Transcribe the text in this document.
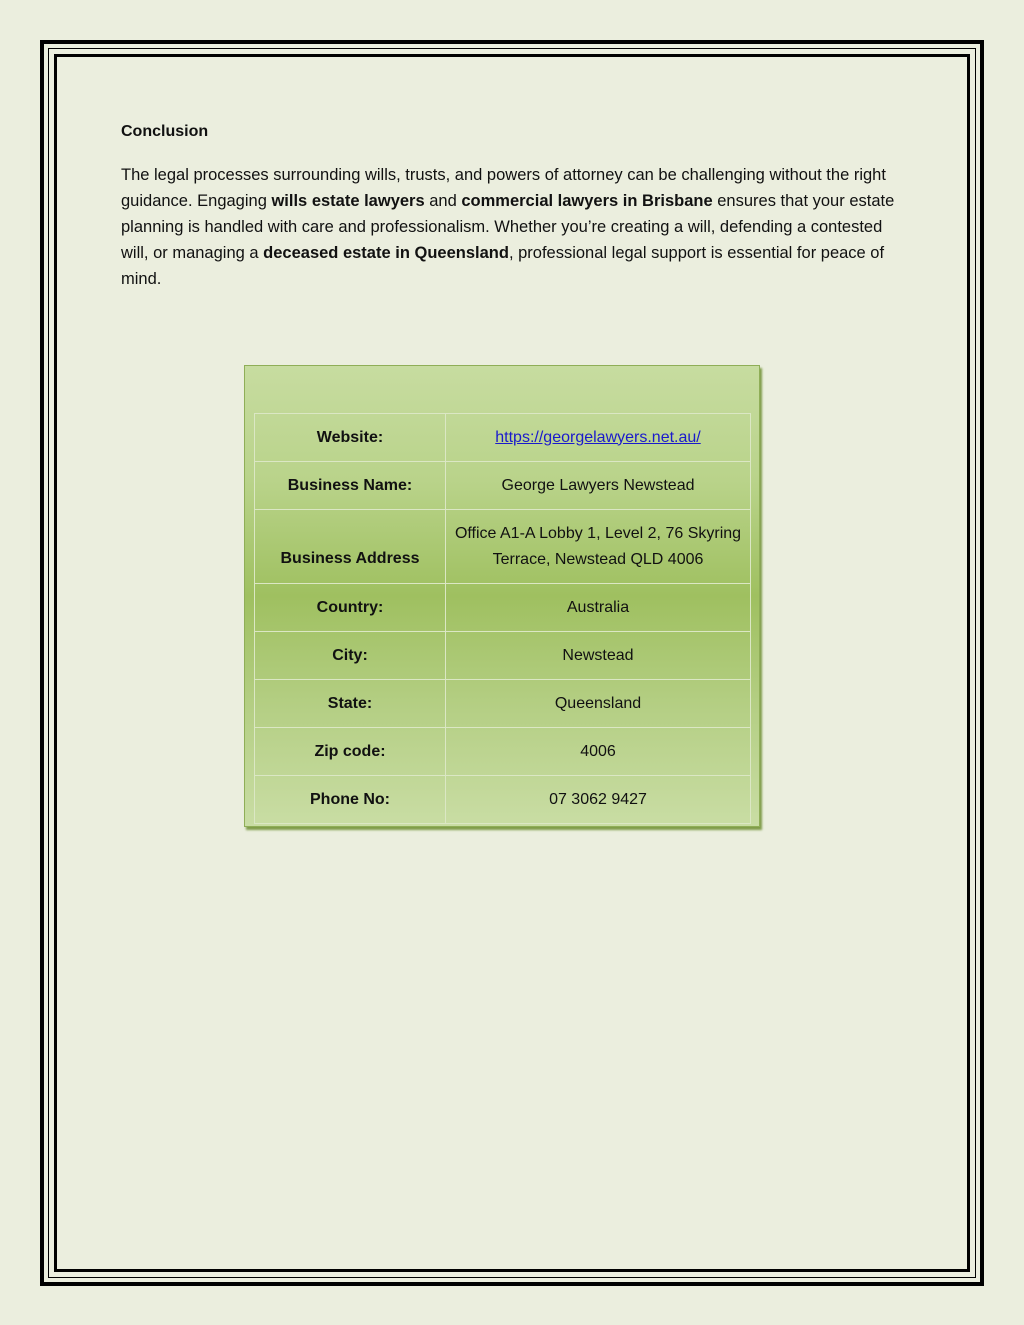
Conclusion

The legal processes surrounding wills, trusts, and powers of attorney can be challenging without the right guidance. Engaging wills estate lawyers and commercial lawyers in Brisbane ensures that your estate planning is handled with care and professionalism. Whether you’re creating a will, defending a contested will, or managing a deceased estate in Queensland, professional legal support is essential for peace of mind.

Website:	https://georgelawyers.net.au/
Business Name:	George Lawyers Newstead
Business Address	Office A1-A Lobby 1, Level 2, 76 Skyring Terrace, Newstead QLD 4006
Country:	Australia
City:	Newstead
State:	Queensland
Zip code:	4006
Phone No:	07 3062 9427
